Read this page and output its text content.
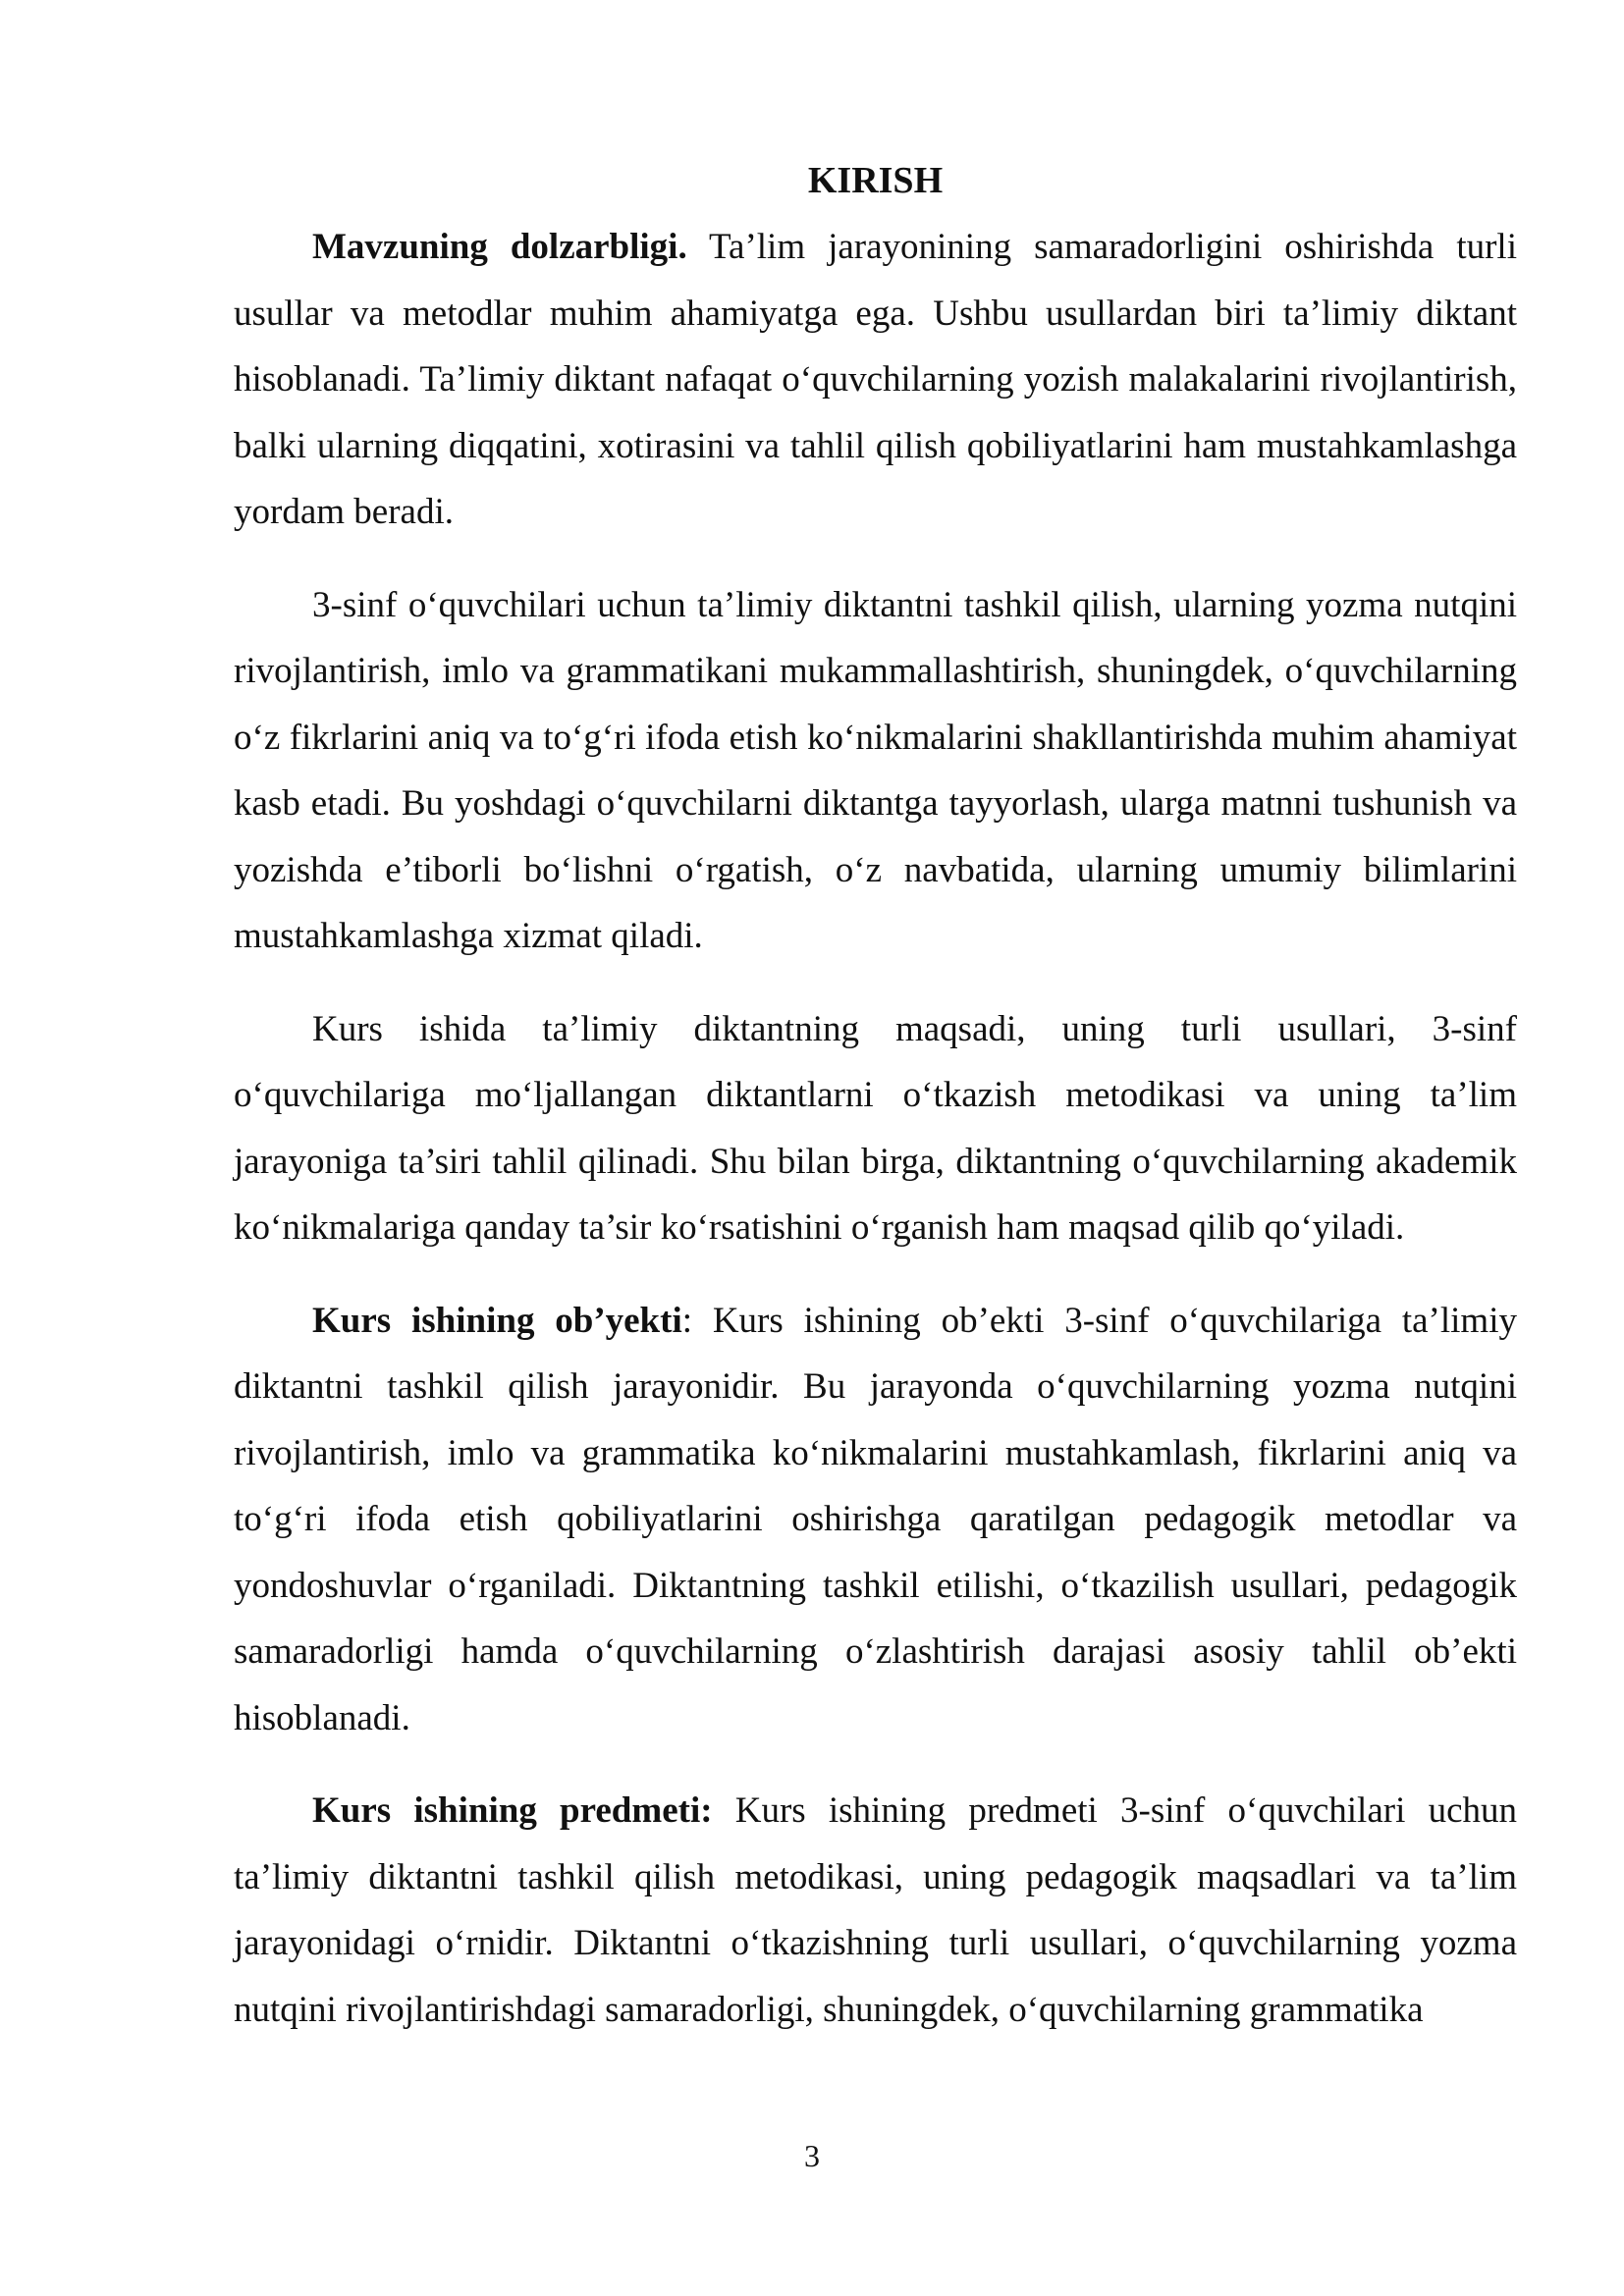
KIRISH

Mavzuning dolzarbligi. Ta’lim jarayonining samaradorligini oshirishda turli usullar va metodlar muhim ahamiyatga ega. Ushbu usullardan biri ta’limiy diktant hisoblanadi. Ta’limiy diktant nafaqat o‘quvchilarning yozish malakalarini rivojlantirish, balki ularning diqqatini, xotirasini va tahlil qilish qobiliyatlarini ham mustahkamlashga yordam beradi.

3-sinf o‘quvchilari uchun ta’limiy diktantni tashkil qilish, ularning yozma nutqini rivojlantirish, imlo va grammatikani mukammallashtirish, shuningdek, o‘quvchilarning o‘z fikrlarini aniq va to‘g‘ri ifoda etish ko‘nikmalarini shakllantirishda muhim ahamiyat kasb etadi. Bu yoshdagi o‘quvchilarni diktantga tayyorlash, ularga matnni tushunish va yozishda e’tiborli bo‘lishni o‘rgatish, o‘z navbatida, ularning umumiy bilimlarini mustahkamlashga xizmat qiladi.

Kurs ishida ta’limiy diktantning maqsadi, uning turli usullari, 3-sinf o‘quvchilariga mo‘ljallangan diktantlarni o‘tkazish metodikasi va uning ta’lim jarayoniga ta’siri tahlil qilinadi. Shu bilan birga, diktantning o‘quvchilarning akademik ko‘nikmalariga qanday ta’sir ko‘rsatishini o‘rganish ham maqsad qilib qo‘yiladi.

Kurs ishining ob’yekti: Kurs ishining ob’ekti 3-sinf o‘quvchilariga ta’limiy diktantni tashkil qilish jarayonidir. Bu jarayonda o‘quvchilarning yozma nutqini rivojlantirish, imlo va grammatika ko‘nikmalarini mustahkamlash, fikrlarini aniq va to‘g‘ri ifoda etish qobiliyatlarini oshirishga qaratilgan pedagogik metodlar va yondoshuvlar o‘rganiladi. Diktantning tashkil etilishi, o‘tkazilish usullari, pedagogik samaradorligi hamda o‘quvchilarning o‘zlashtirish darajasi asosiy tahlil ob’ekti hisoblanadi.

Kurs ishining predmeti: Kurs ishining predmeti 3-sinf o‘quvchilari uchun ta’limiy diktantni tashkil qilish metodikasi, uning pedagogik maqsadlari va ta’lim jarayonidagi o‘rnidir. Diktantni o‘tkazishning turli usullari, o‘quvchilarning yozma nutqini rivojlantirishdagi samaradorligi, shuningdek, o‘quvchilarning grammatika

3
